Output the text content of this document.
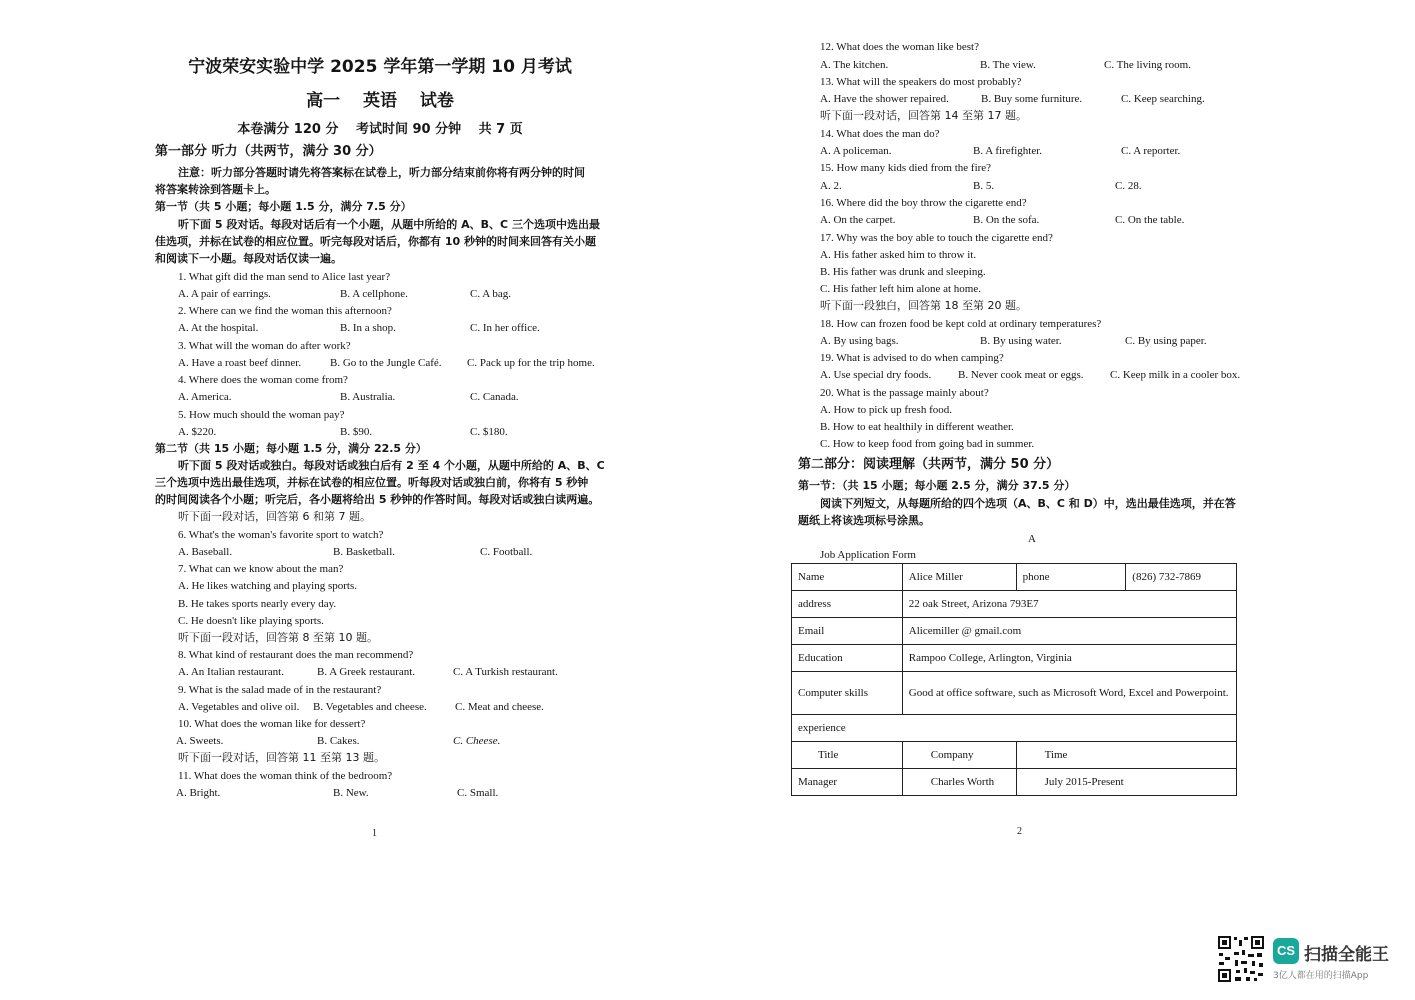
宁波荣安实验中学 2025 学年第一学期 10 月考试
高一　 英语 　试卷
本卷满分 120 分　 考试时间 90 分钟　 共 7 页
第一部分 听力（共两节，满分 30 分）
注意：听力部分答题时请先将答案标在试卷上，听力部分结束前你将有两分钟的时间
将答案转涂到答题卡上。
第一节（共 5 小题；每小题 1.5 分，满分 7.5 分）
听下面 5 段对话。每段对话后有一个小题，从题中所给的 A、B、C 三个选项中选出最
佳选项，并标在试卷的相应位置。听完每段对话后，你都有 10 秒钟的时间来回答有关小题
和阅读下一小题。每段对话仅读一遍。
1. What gift did the man send to Alice last year?
A. A pair of earrings.	B. A cellphone.	C. A bag.
2. Where can we find the woman this afternoon?
A. At the hospital.	B. In a shop.	C. In her office.
3. What will the woman do after work?
A. Have a roast beef dinner.	B. Go to the Jungle Café. C. Pack up for the trip home.
4. Where does the woman come from?
A. America.	B. Australia.	C. Canada.
5. How much should the woman pay?
A. $220.	B. $90.	C. $180.
第二节（共 15 小题；每小题 1.5 分，满分 22.5 分）
听下面 5 段对话或独白。每段对话或独白后有 2 至 4 个小题，从题中所给的 A、B、C
三个选项中选出最佳选项，并标在试卷的相应位置。听每段对话或独白前，你将有 5 秒钟
的时间阅读各个小题；听完后，各小题将给出 5 秒钟的作答时间。每段对话或独白读两遍。
听下面一段对话，回答第 6 和第 7 题。
6. What's the woman's favorite sport to watch?
A. Baseball.	B. Basketball.	C. Football.
7. What can we know about the man?
A. He likes watching and playing sports.
B. He takes sports nearly every day.
C. He doesn't like playing sports.
听下面一段对话，回答第 8 至第 10 题。
8. What kind of restaurant does the man recommend?
A. An Italian restaurant.	B. A Greek restaurant.	C. A Turkish restaurant.
9. What is the salad made of in the restaurant?
A. Vegetables and olive oil. B. Vegetables and cheese.	C. Meat and cheese.
10. What does the woman like for dessert?
A. Sweets.	B. Cakes.	C. Cheese.
听下面一段对话，回答第 11 至第 13 题。
11. What does the woman think of the bedroom?
A. Bright.	B. New.	C. Small.
1
12. What does the woman like best?
A. The kitchen.	B. The view.	C. The living room.
13. What will the speakers do most probably?
A. Have the shower repaired.	B. Buy some furniture.	C. Keep searching.
听下面一段对话，回答第 14 至第 17 题。
14. What does the man do?
A. A policeman.	B. A firefighter.	C. A reporter.
15. How many kids died from the fire?
A. 2.	B. 5.	C. 28.
16. Where did the boy throw the cigarette end?
A. On the carpet.	B. On the sofa.	C. On the table.
17. Why was the boy able to touch the cigarette end?
A. His father asked him to throw it.
B. His father was drunk and sleeping.
C. His father left him alone at home.
听下面一段独白，回答第 18 至第 20 题。
18. How can frozen food be kept cold at ordinary temperatures?
A. By using bags.	B. By using water.	C. By using paper.
19. What is advised to do when camping?
A. Use special dry foods. B. Never cook meat or eggs. C. Keep milk in a cooler box.
20. What is the passage mainly about?
A. How to pick up fresh food.
B. How to eat healthily in different weather.
C. How to keep food from going bad in summer.
第二部分：阅读理解（共两节，满分 50 分）
第一节：（共 15 小题；每小题 2.5 分，满分 37.5 分）
阅读下列短文，从每题所给的四个选项（A、B、C 和 D）中，选出最佳选项，并在答
题纸上将该选项标号涂黑。
A
Job Application Form
Name	Alice Miller	phone	(826) 732-7869
address	22 oak Street, Arizona 793E7		
Email	Alicemiller @ gmail.com		
Education	Rampoo College, Arlington, Virginia		
Computer skills	Good at office software, such as Microsoft Word, Excel and Powerpoint.		
experience			
Title	Company	Time	
Manager	Charles Worth	July 2015-Present	
2
CS 扫描全能王
3亿人都在用的扫描App
